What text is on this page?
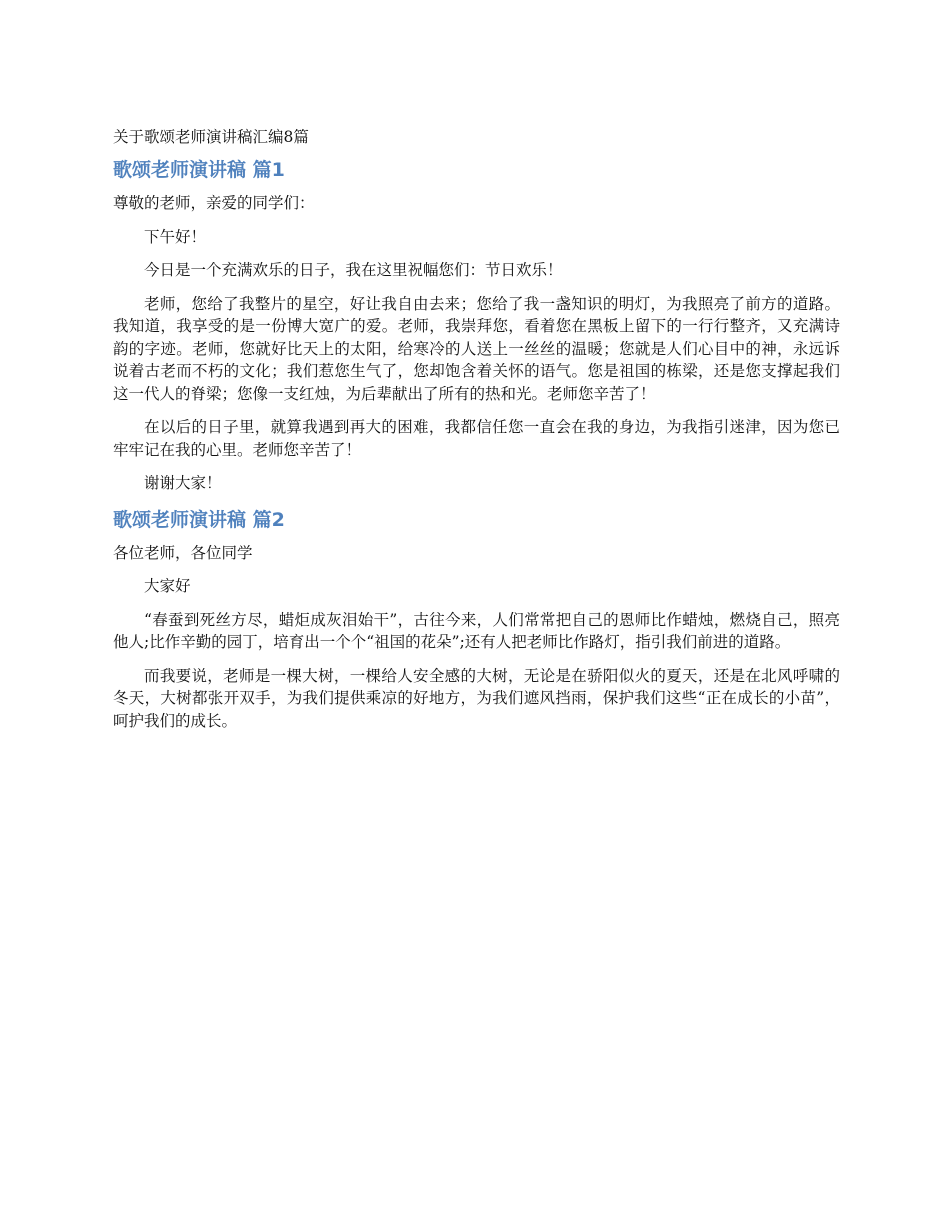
关于歌颂老师演讲稿汇编8篇
歌颂老师演讲稿 篇1

尊敬的老师，亲爱的同学们：

下午好！

今日是一个充满欢乐的日子，我在这里祝幅您们：节日欢乐！

老师，您给了我整片的星空，好让我自由去来；您给了我一盏知识的明灯，为我照亮了前方的道路。我知道，我享受的是一份博大宽广的爱。老师，我崇拜您，看着您在黑板上留下的一行行整齐，又充满诗韵的字迹。老师，您就好比天上的太阳，给寒冷的人送上一丝丝的温暖；您就是人们心目中的神，永远诉说着古老而不朽的文化；我们惹您生气了，您却饱含着关怀的语气。您是祖国的栋梁，还是您支撑起我们这一代人的脊梁；您像一支红烛，为后辈献出了所有的热和光。老师您辛苦了！

在以后的日子里，就算我遇到再大的困难，我都信任您一直会在我的身边，为我指引迷津，因为您已牢牢记在我的心里。老师您辛苦了！

谢谢大家！

歌颂老师演讲稿 篇2

各位老师，各位同学

大家好

“春蚕到死丝方尽，蜡炬成灰泪始干”，古往今来，人们常常把自己的恩师比作蜡烛，燃烧自己，照亮他人;比作辛勤的园丁，培育出一个个“祖国的花朵”;还有人把老师比作路灯，指引我们前进的道路。

而我要说，老师是一棵大树，一棵给人安全感的大树，无论是在骄阳似火的夏天，还是在北风呼啸的冬天，大树都张开双手，为我们提供乘凉的好地方，为我们遮风挡雨，保护我们这些“正在成长的小苗”，呵护我们的成长。
